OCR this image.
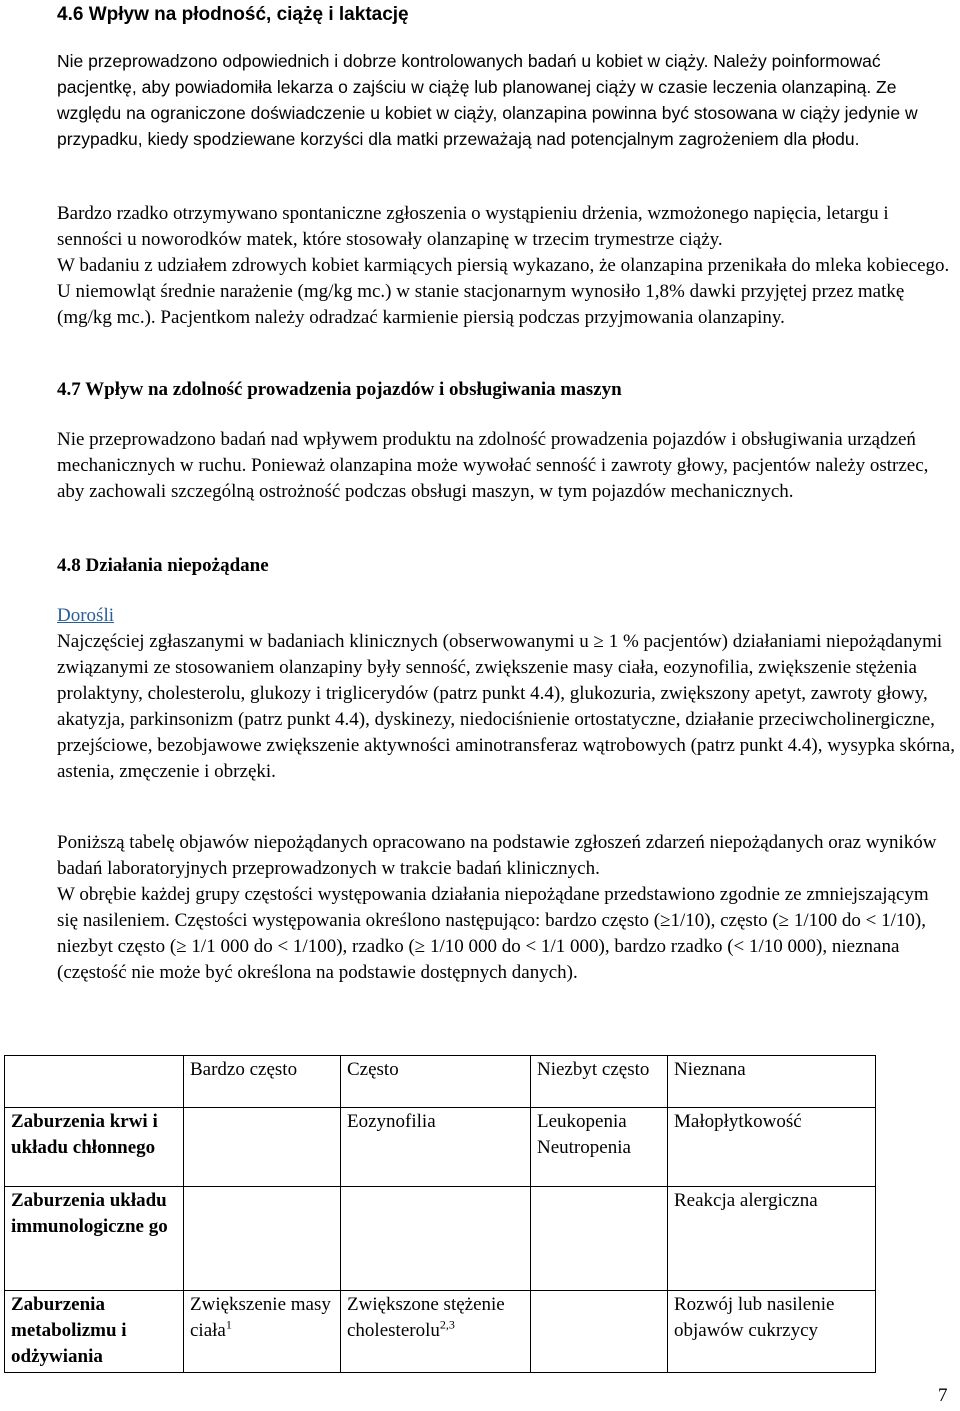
4.6 Wpływ na płodność, ciążę i laktację

Nie przeprowadzono odpowiednich i dobrze kontrolowanych badań u kobiet w ciąży. Należy poinformować pacjentkę, aby powiadomiła lekarza o zajściu w ciążę lub planowanej ciąży w czasie leczenia olanzapiną. Ze względu na ograniczone doświadczenie u kobiet w ciąży, olanzapina powinna być stosowana w ciąży jedynie w przypadku, kiedy spodziewane korzyści dla matki przeważają nad potencjalnym zagrożeniem dla płodu.

Bardzo rzadko otrzymywano spontaniczne zgłoszenia o wystąpieniu drżenia, wzmożonego napięcia, letargu i senności u noworodków matek, które stosowały olanzapinę w trzecim trymestrze ciąży.

W badaniu z udziałem zdrowych kobiet karmiących piersią wykazano, że olanzapina przenikała do mleka kobiecego. U niemowląt średnie narażenie (mg/kg mc.) w stanie stacjonarnym wynosiło 1,8% dawki przyjętej przez matkę (mg/kg mc.). Pacjentkom należy odradzać karmienie piersią podczas przyjmowania olanzapiny.

4.7 Wpływ na zdolność prowadzenia pojazdów i obsługiwania maszyn

Nie przeprowadzono badań nad wpływem produktu na zdolność prowadzenia pojazdów i obsługiwania urządzeń mechanicznych w ruchu. Ponieważ olanzapina może wywołać senność i zawroty głowy, pacjentów należy ostrzec, aby zachowali szczególną ostrożność podczas obsługi maszyn, w tym pojazdów mechanicznych.

4.8 Działania niepożądane
Dorośli

Najczęściej zgłaszanymi w badaniach klinicznych (obserwowanymi u ≥ 1 % pacjentów) działaniami niepożądanymi związanymi ze stosowaniem olanzapiny były senność, zwiększenie masy ciała, eozynofilia, zwiększenie stężenia prolaktyny, cholesterolu, glukozy i triglicerydów (patrz punkt 4.4), glukozuria, zwiększony apetyt, zawroty głowy, akatyzja, parkinsonizm (patrz punkt 4.4), dyskinezy, niedociśnienie ortostatyczne, działanie przeciwcholinergiczne, przejściowe, bezobjawowe zwiększenie aktywności aminotransferaz wątrobowych (patrz punkt 4.4), wysypka skórna, astenia, zmęczenie i obrzęki.

Poniższą tabelę objawów niepożądanych opracowano na podstawie zgłoszeń zdarzeń niepożądanych oraz wyników badań laboratoryjnych przeprowadzonych w trakcie badań klinicznych.

W obrębie każdej grupy częstości występowania działania niepożądane przedstawiono zgodnie ze zmniejszającym się nasileniem. Częstości występowania określono następująco: bardzo często (≥1/10), często (≥ 1/100 do < 1/10), niezbyt często (≥ 1/1 000 do < 1/100), rzadko (≥ 1/10 000 do < 1/1 000), bardzo rzadko (< 1/10 000), nieznana (częstość nie może być określona na podstawie dostępnych danych).

	Bardzo często	Często	Niezbyt często	Nieznana
Zaburzenia krwi i układu chłonnego		Eozynofilia	Leukopenia Neutropenia	Małopłytkowość
Zaburzenia układu immunologiczne go				Reakcja alergiczna
Zaburzenia metabolizmu i odżywiania	Zwiększenie masy ciała$^1$	Zwiększone stężenie cholesterolu$^{2,3}$		Rozwój lub nasilenie objawów cukrzycy
7
